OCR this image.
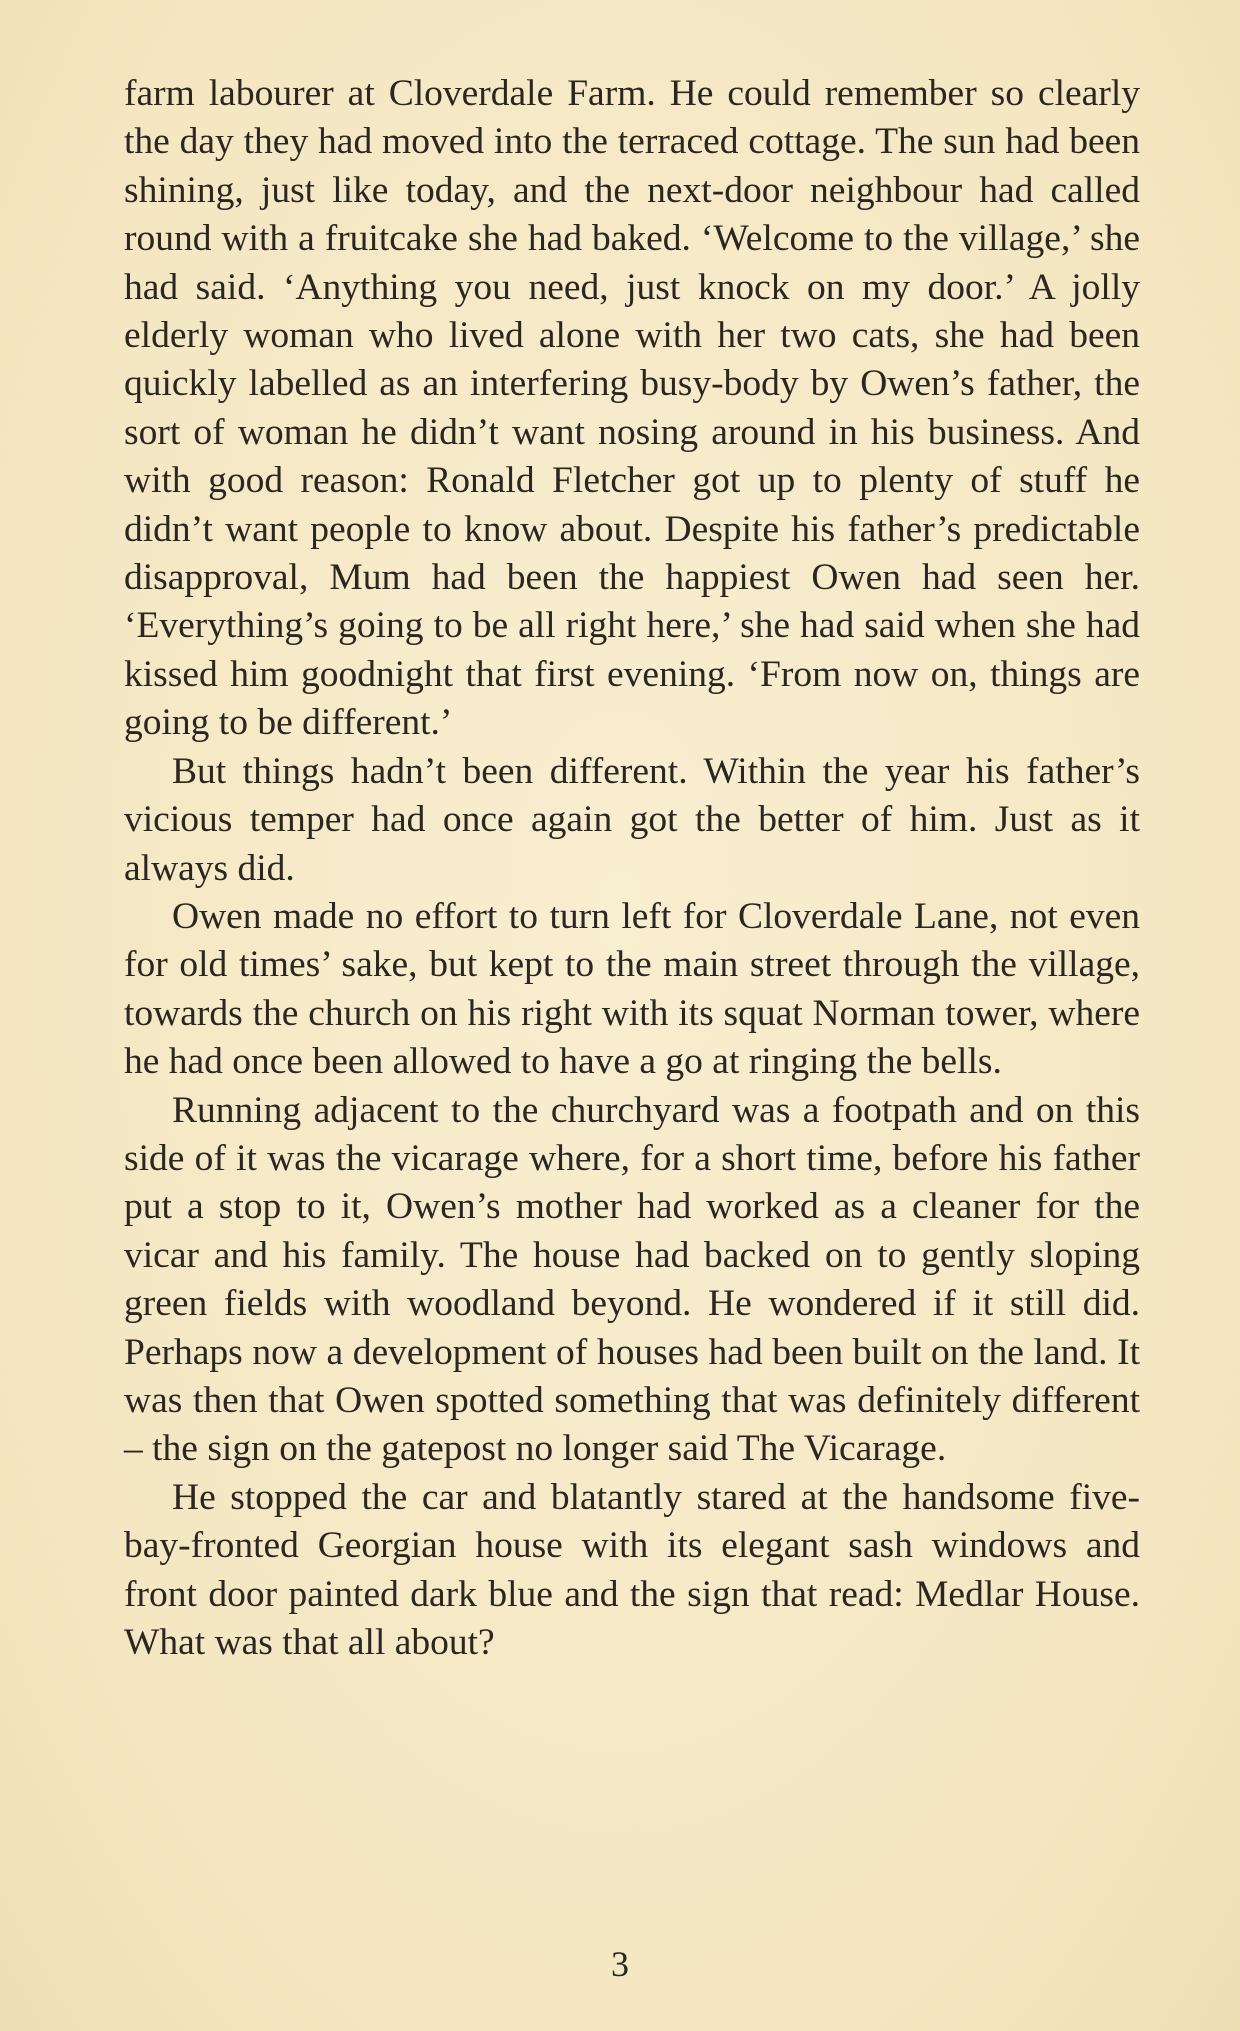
farm labourer at Cloverdale Farm. He could remember so clearly the day they had moved into the terraced cottage. The sun had been shining, just like today, and the next-door neighbour had called round with a fruitcake she had baked. ‘Welcome to the village,’ she had said. ‘Anything you need, just knock on my door.’ A jolly elderly woman who lived alone with her two cats, she had been quickly labelled as an interfering busy-body by Owen’s father, the sort of woman he didn’t want nosing around in his business. And with good reason: Ronald Fletcher got up to plenty of stuff he didn’t want people to know about. Despite his father’s predictable disapproval, Mum had been the happiest Owen had seen her. ‘Everything’s going to be all right here,’ she had said when she had kissed him goodnight that first evening. ‘From now on, things are going to be different.’

But things hadn’t been different. Within the year his father’s vicious temper had once again got the better of him. Just as it always did.

Owen made no effort to turn left for Cloverdale Lane, not even for old times’ sake, but kept to the main street through the village, towards the church on his right with its squat Norman tower, where he had once been allowed to have a go at ringing the bells.

Running adjacent to the churchyard was a footpath and on this side of it was the vicarage where, for a short time, before his father put a stop to it, Owen’s mother had worked as a cleaner for the vicar and his family. The house had backed on to gently sloping green fields with woodland beyond. He wondered if it still did. Perhaps now a development of houses had been built on the land. It was then that Owen spotted something that was definitely different – the sign on the gatepost no longer said The Vicarage.

He stopped the car and blatantly stared at the handsome five-bay-fronted Georgian house with its elegant sash windows and front door painted dark blue and the sign that read: Medlar House. What was that all about?

3
